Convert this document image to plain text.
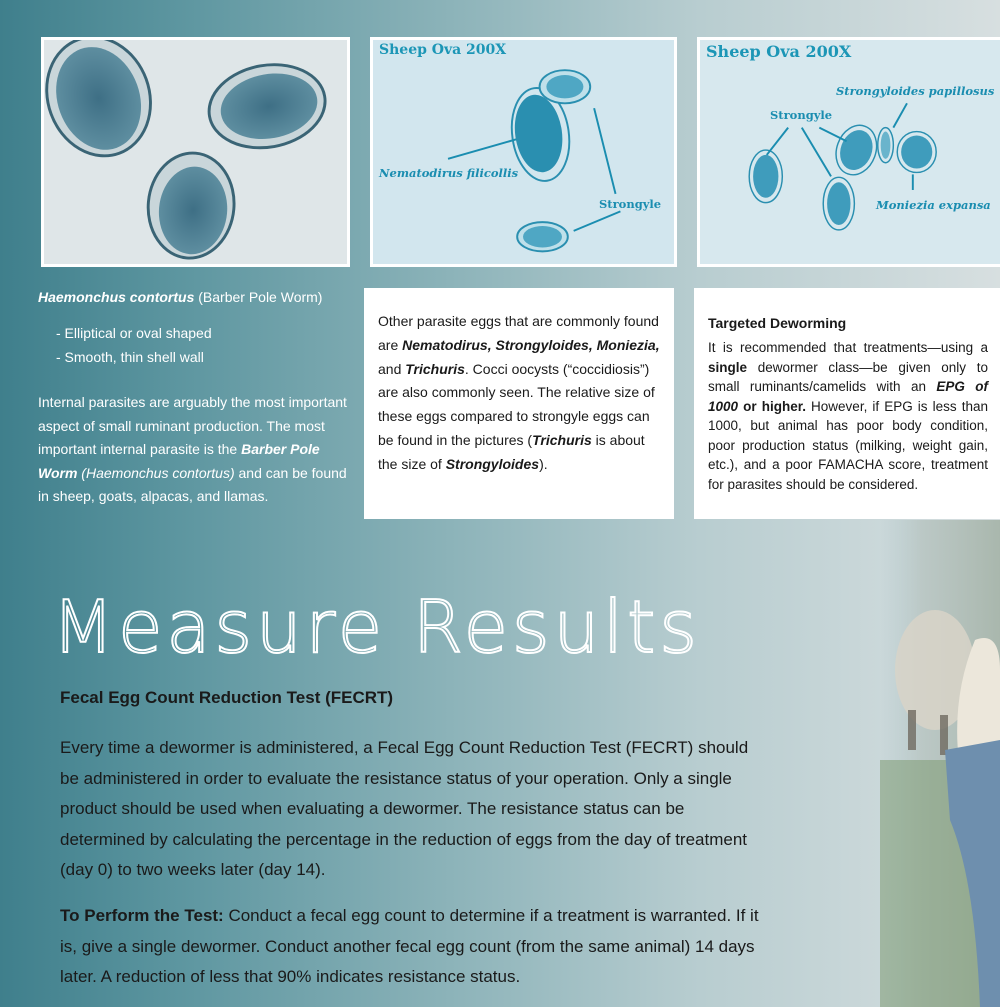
Sheep Ova 200X
Nematodirus filicollis
Strongyle
Sheep Ova 200X
Strongyloides papillosus
Strongyle
Moniezia expansa
Haemonchus contortus (Barber Pole Worm)
- Elliptical or oval shaped
- Smooth, thin shell wall

Internal parasites are arguably the most important aspect of small ruminant production. The most important internal parasite is the Barber Pole Worm (Haemonchus contortus) and can be found in sheep, goats, alpacas, and llamas.

Other parasite eggs that are commonly found are Nematodirus, Strongyloides, Moniezia, and Trichuris. Cocci oocysts (“coccidiosis”) are also commonly seen. The relative size of these eggs compared to strongyle eggs can be found in the pictures (Trichuris is about the size of Strongyloides).

Targeted Deworming

It is recommended that treatments—using a single dewormer class—be given only to small ruminants/camelids with an EPG of 1000 or higher. However, if EPG is less than 1000, but animal has poor body condition, poor production status (milking, weight gain, etc.), and a poor FAMACHA score, treatment for parasites should be considered.

Measure Results
Fecal Egg Count Reduction Test (FECRT)

Every time a dewormer is administered, a Fecal Egg Count Reduction Test (FECRT) should be administered in order to evaluate the resistance status of your operation. Only a single product should be used when evaluating a dewormer. The resistance status can be determined by calculating the percentage in the reduction of eggs from the day of treatment (day 0) to two weeks later (day 14).

To Perform the Test: Conduct a fecal egg count to determine if a treatment is warranted. If it is, give a single dewormer. Conduct another fecal egg count (from the same animal) 14 days later. A reduction of less that 90% indicates resistance status.
